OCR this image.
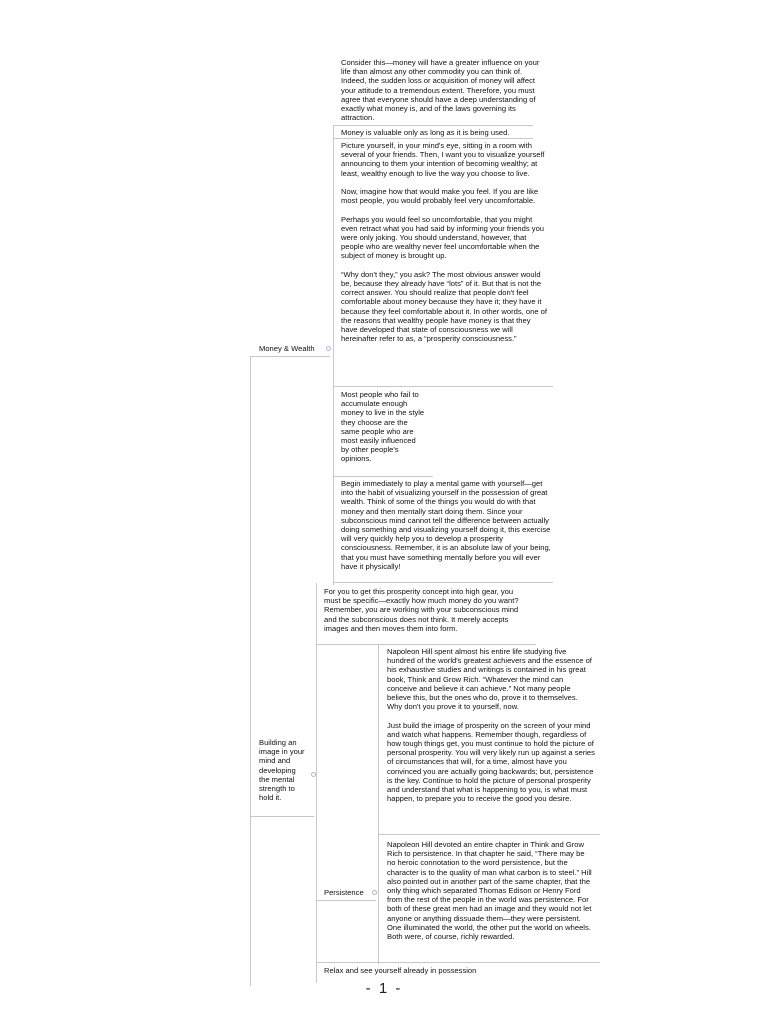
Money & Wealth
Building an image in your mind and developing the mental strength to hold it.
Persistence

Consider this—money will have a greater influence on your life than almost any other commodity you can think of. Indeed, the sudden loss or acquisition of money will affect your attitude to a tremendous extent. Therefore, you must agree that everyone should have a deep understanding of exactly what money is, and of the laws governing its attraction.

Money is valuable only as long as it is being used.

Picture yourself, in your mind's eye, sitting in a room with several of your friends. Then, I want you to visualize yourself announcing to them your intention of becoming wealthy; at least, wealthy enough to live the way you choose to live.

Now, imagine how that would make you feel. If you are like most people, you would probably feel very uncomfortable.

Perhaps you would feel so uncomfortable, that you might even retract what you had said by informing your friends you were only joking. You should understand, however, that people who are wealthy never feel uncomfortable when the subject of money is brought up.

“Why don't they,” you ask? The most obvious answer would be, because they already have “lots” of it. But that is not the correct answer. You should realize that people don't feel comfortable about money because they have it; they have it because they feel comfortable about it. In other words, one of the reasons that wealthy people have money is that they have developed that state of consciousness we will hereinafter refer to as, a “prosperity consciousness.”

Most people who fail to accumulate enough money to live in the style they choose are the same people who are most easily influenced by other people's opinions.

Begin immediately to play a mental game with yourself—get into the habit of visualizing yourself in the possession of great wealth. Think of some of the things you would do with that money and then mentally start doing them. Since your subconscious mind cannot tell the difference between actually doing something and visualizing yourself doing it, this exercise will very quickly help you to develop a prosperity consciousness. Remember, it is an absolute law of your being, that you must have something mentally before you will ever have it physically!

For you to get this prosperity concept into high gear, you must be specific—exactly how much money do you want? Remember, you are working with your subconscious mind and the subconscious does not think. It merely accepts images and then moves them into form.

Napoleon Hill spent almost his entire life studying five hundred of the world's greatest achievers and the essence of his exhaustive studies and writings is contained in his great book, Think and Grow Rich. “Whatever the mind can conceive and believe it can achieve.” Not many people believe this, but the ones who do, prove it to themselves. Why don't you prove it to yourself, now.

Just build the image of prosperity on the screen of your mind and watch what happens. Remember though, regardless of how tough things get, you must continue to hold the picture of personal prosperity. You will very likely run up against a series of circumstances that will, for a time, almost have you convinced you are actually going backwards; but, persistence is the key. Continue to hold the picture of personal prosperity and understand that what is happening to you, is what must happen, to prepare you to receive the good you desire.

Napoleon Hill devoted an entire chapter in Think and Grow Rich to persistence. In that chapter he said, “There may be no heroic connotation to the word persistence, but the character is to the quality of man what carbon is to steel.” Hill also pointed out in another part of the same chapter, that the only thing which separated Thomas Edison or Henry Ford from the rest of the people in the world was persistence. For both of these great men had an image and they would not let anyone or anything dissuade them—they were persistent. One illuminated the world, the other put the world on wheels. Both were, of course, richly rewarded.

Relax and see yourself already in possession

- 1 -
